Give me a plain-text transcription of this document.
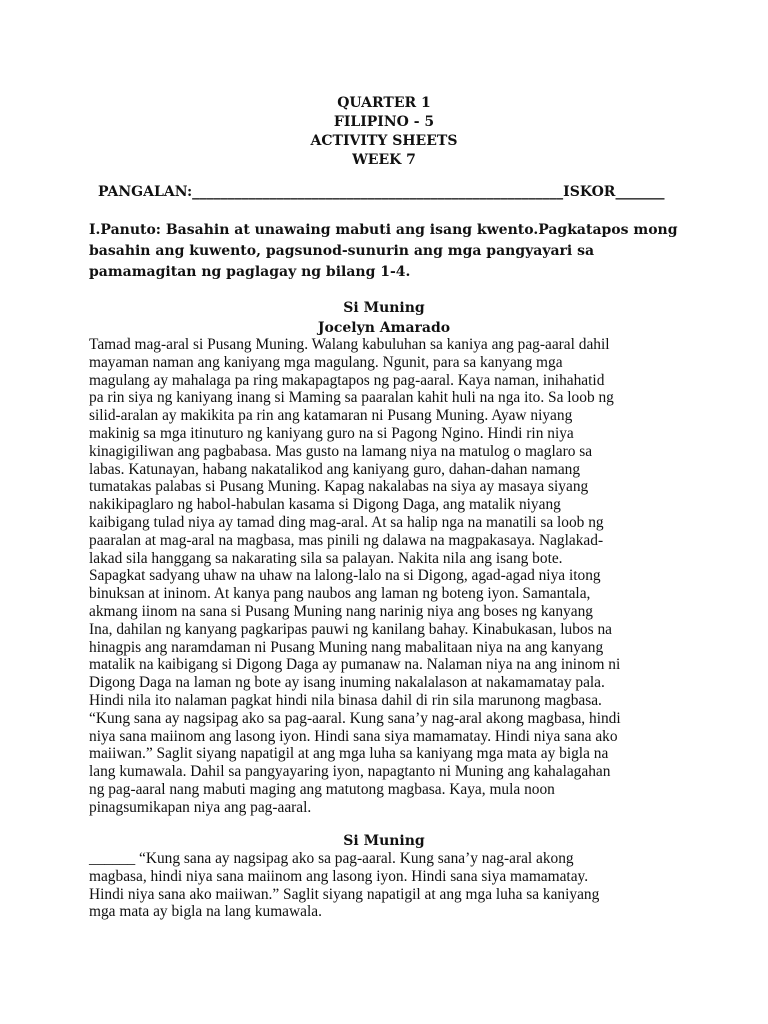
QUARTER 1
FILIPINO - 5
ACTIVITY SHEETS
WEEK 7
PANGALAN:_____________________________________________________ISKOR_______
I.Panuto: Basahin at unawaing mabuti ang isang kwento.Pagkatapos mong
basahin ang kuwento, pagsunod-sunurin ang mga pangyayari sa
pamamagitan ng paglagay ng bilang 1-4.
Si Muning
Jocelyn Amarado
Tamad mag-aral si Pusang Muning. Walang kabuluhan sa kaniya ang pag-aaral dahil
mayaman naman ang kaniyang mga magulang. Ngunit, para sa kanyang mga
magulang ay mahalaga pa ring makapagtapos ng pag-aaral. Kaya naman, inihahatid
pa rin siya ng kaniyang inang si Maming sa paaralan kahit huli na nga ito. Sa loob ng
silid-aralan ay makikita pa rin ang katamaran ni Pusang Muning. Ayaw niyang
makinig sa mga itinuturo ng kaniyang guro na si Pagong Ngino. Hindi rin niya
kinagigiliwan ang pagbabasa. Mas gusto na lamang niya na matulog o maglaro sa
labas. Katunayan, habang nakatalikod ang kaniyang guro, dahan-dahan namang
tumatakas palabas si Pusang Muning. Kapag nakalabas na siya ay masaya siyang
nakikipaglaro ng habol-habulan kasama si Digong Daga, ang matalik niyang
kaibigang tulad niya ay tamad ding mag-aral. At sa halip nga na manatili sa loob ng
paaralan at mag-aral na magbasa, mas pinili ng dalawa na magpakasaya. Naglakad-
lakad sila hanggang sa nakarating sila sa palayan. Nakita nila ang isang bote.
Sapagkat sadyang uhaw na uhaw na lalong-lalo na si Digong, agad-agad niya itong
binuksan at ininom. At kanya pang naubos ang laman ng boteng iyon. Samantala,
akmang iinom na sana si Pusang Muning nang narinig niya ang boses ng kanyang
Ina, dahilan ng kanyang pagkaripas pauwi ng kanilang bahay. Kinabukasan, lubos na
hinagpis ang naramdaman ni Pusang Muning nang mabalitaan niya na ang kanyang
matalik na kaibigang si Digong Daga ay pumanaw na. Nalaman niya na ang ininom ni
Digong Daga na laman ng bote ay isang inuming nakalalason at nakamamatay pala.
Hindi nila ito nalaman pagkat hindi nila binasa dahil di rin sila marunong magbasa.
“Kung sana ay nagsipag ako sa pag-aaral. Kung sana’y nag-aral akong magbasa, hindi
niya sana maiinom ang lasong iyon. Hindi sana siya mamamatay. Hindi niya sana ako
maiiwan.” Saglit siyang napatigil at ang mga luha sa kaniyang mga mata ay bigla na
lang kumawala. Dahil sa pangyayaring iyon, napagtanto ni Muning ang kahalagahan
ng pag-aaral nang mabuti maging ang matutong magbasa. Kaya, mula noon
pinagsumikapan niya ang pag-aaral.
Si Muning
______ “Kung sana ay nagsipag ako sa pag-aaral. Kung sana’y nag-aral akong
magbasa, hindi niya sana maiinom ang lasong iyon. Hindi sana siya mamamatay.
Hindi niya sana ako maiiwan.” Saglit siyang napatigil at ang mga luha sa kaniyang
mga mata ay bigla na lang kumawala.
